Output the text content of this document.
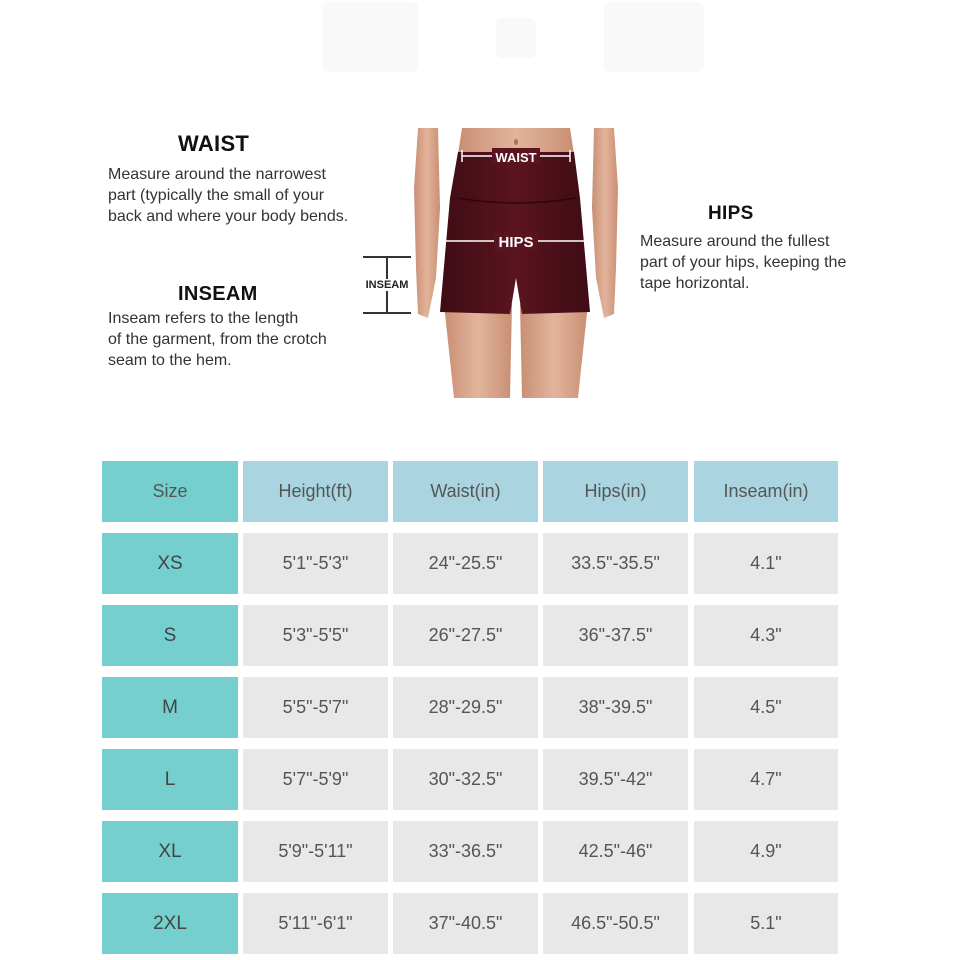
WAIST
Measure around the narrowest
part (typically the small of your
back and where your body bends.
INSEAM
Inseam refers to the length
of the garment, from the crotch
seam to the hem.
HIPS
Measure around the fullest
part of your hips, keeping the
tape horizontal.
INSEAM
WAIST
HIPS
Size	Height(ft)	Waist(in)	Hips(in)	Inseam(in)
XS	5'1"-5'3"	24"-25.5"	33.5"-35.5"	4.1"
S	5'3"-5'5"	26"-27.5"	36"-37.5"	4.3"
M	5'5"-5'7"	28"-29.5"	38"-39.5"	4.5"
L	5'7"-5'9"	30"-32.5"	39.5"-42"	4.7"
XL	5'9"-5'11"	33"-36.5"	42.5"-46"	4.9"
2XL	5'11"-6'1"	37"-40.5"	46.5"-50.5"	5.1"
